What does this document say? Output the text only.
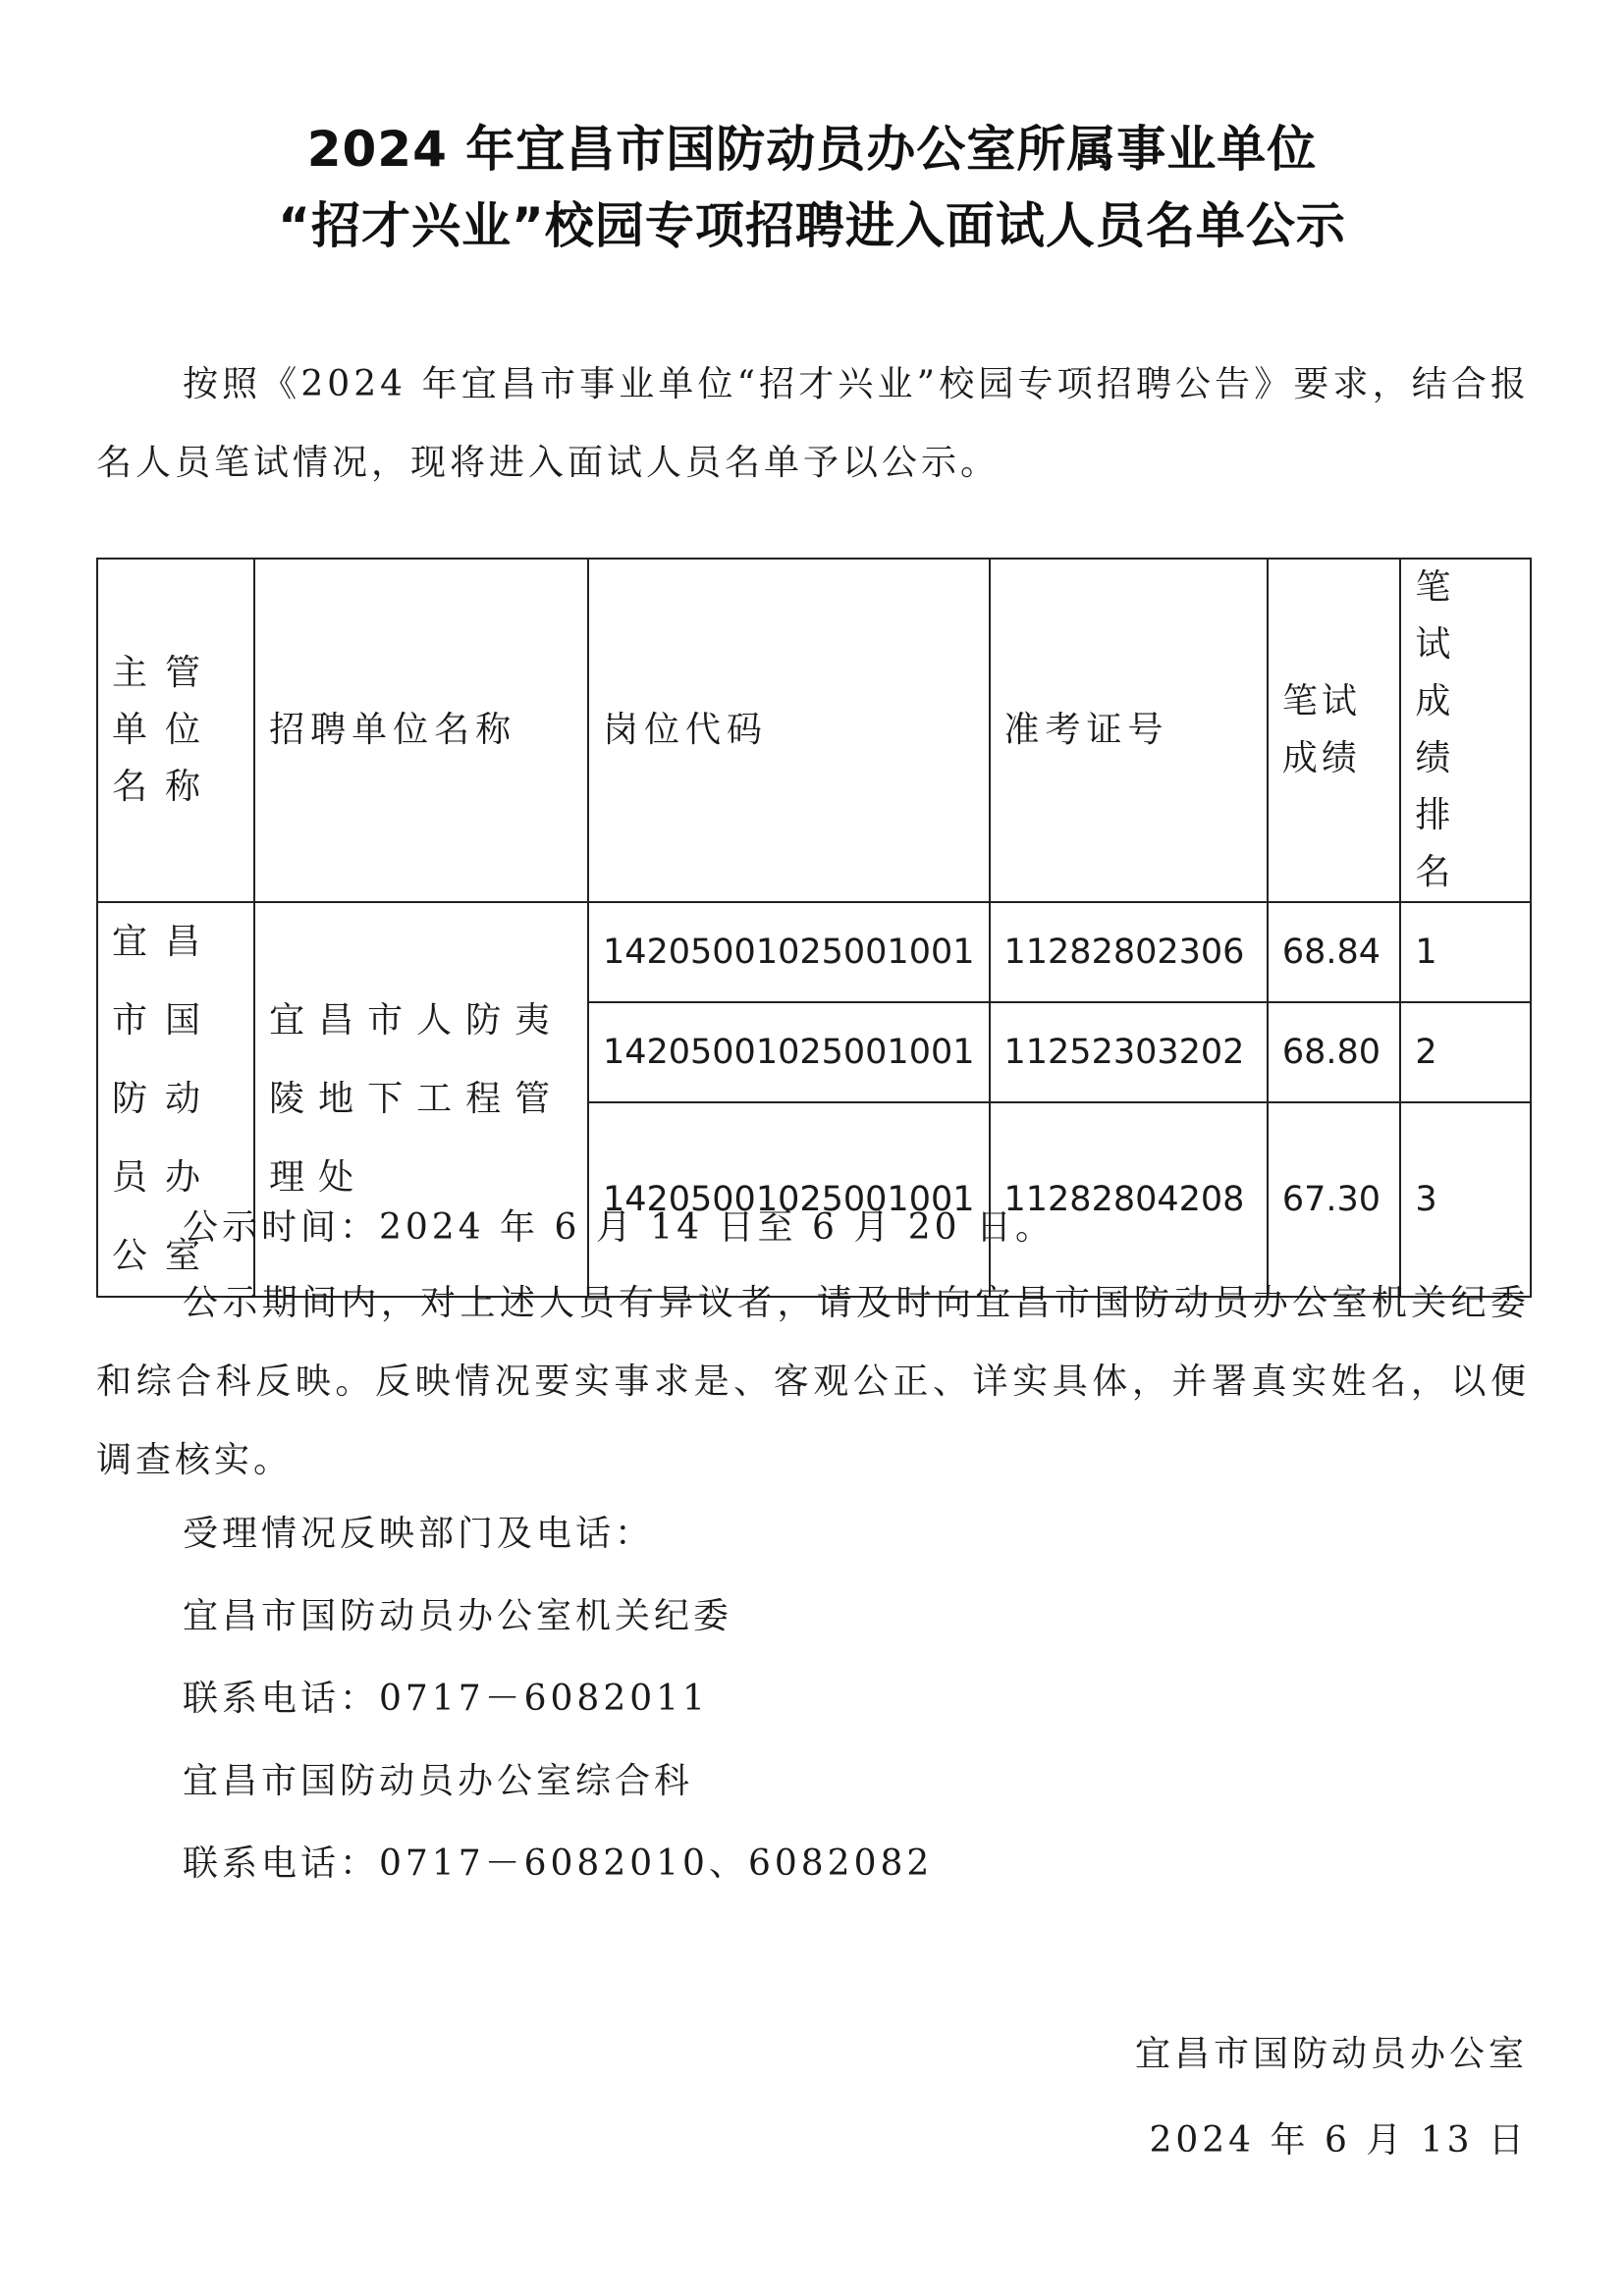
2024 年宜昌市国防动员办公室所属事业单位
“招才兴业”校园专项招聘进入面试人员名单公示
按照《2024 年宜昌市事业单位“招才兴业”校园专项招聘公告》要求，结合报名人员笔试情况，现将进入面试人员名单予以公示。
主管单位名称	招聘单位名称	岗位代码	准考证号	笔试成绩	笔试成绩排名

宜昌市国防动员办公室	宜昌市人防夷陵地下工程管理处	14205001025001001	11282802306	68.84	1
		14205001025001001	11252303202	68.80	2
		14205001025001001	11282804208	67.30	3
公示时间：2024 年 6 月 14 日至 6 月 20 日。
公示期间内，对上述人员有异议者，请及时向宜昌市国防动员办公室机关纪委和综合科反映。反映情况要实事求是、客观公正、详实具体，并署真实姓名，以便调查核实。
受理情况反映部门及电话：
宜昌市国防动员办公室机关纪委
联系电话：0717－6082011
宜昌市国防动员办公室综合科
联系电话：0717－6082010、6082082
宜昌市国防动员办公室
2024 年 6 月 13 日
